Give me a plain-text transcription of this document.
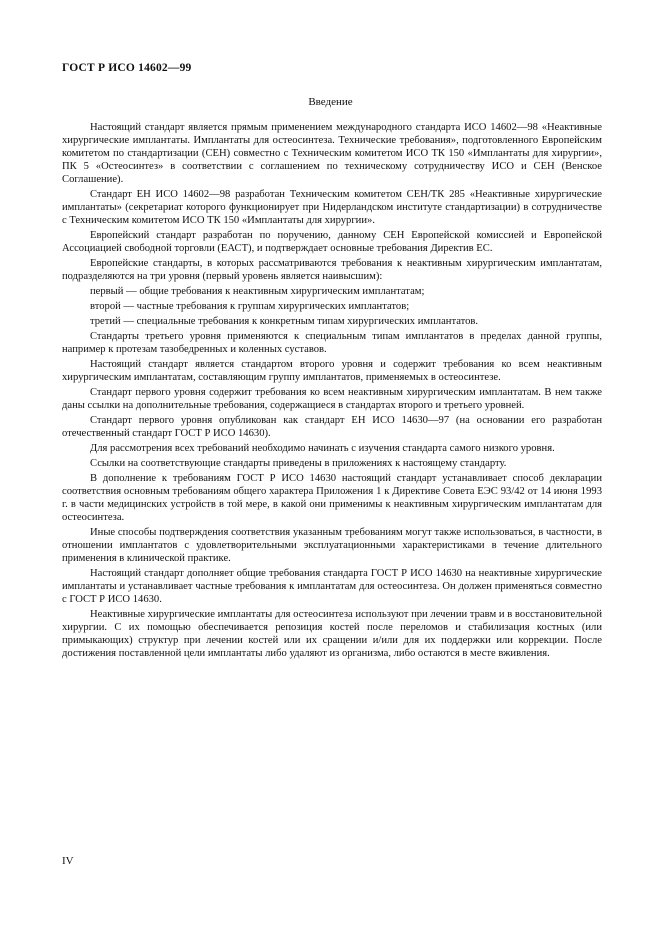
ГОСТ Р ИСО 14602—99
Введение

Настоящий стандарт является прямым применением международного стандарта ИСО 14602—98 «Неактивные хирургические имплантаты. Имплантаты для остеосинтеза. Технические требования», подготовленного Европейским комитетом по стандартизации (СЕН) совместно с Техническим комитетом ИСО ТК 150 «Имплантаты для хирургии», ПК 5 «Остеосинтез» в соответствии с соглашением по техническому сотрудничеству ИСО и СЕН (Венское Соглашение).

Стандарт ЕН ИСО 14602—98 разработан Техническим комитетом СЕН/ТК 285 «Неактивные хирургические имплантаты» (секретариат которого функционирует при Нидерландском институте стандартизации) в сотрудничестве с Техническим комитетом ИСО ТК 150 «Имплантаты для хирургии».

Европейский стандарт разработан по поручению, данному СЕН Европейской комиссией и Европейской Ассоциацией свободной торговли (ЕАСТ), и подтверждает основные требования Директив ЕС.

Европейские стандарты, в которых рассматриваются требования к неактивным хирургическим имплантатам, подразделяются на три уровня (первый уровень является наивысшим):

первый — общие требования к неактивным хирургическим имплантатам;

второй — частные требования к группам хирургических имплантатов;

третий — специальные требования к конкретным типам хирургических имплантатов.

Стандарты третьего уровня применяются к специальным типам имплантатов в пределах данной группы, например к протезам тазобедренных и коленных суставов.

Настоящий стандарт является стандартом второго уровня и содержит требования ко всем неактивным хирургическим имплантатам, составляющим группу имплантатов, применяемых в остеосинтезе.

Стандарт первого уровня содержит требования ко всем неактивным хирургическим имплантатам. В нем также даны ссылки на дополнительные требования, содержащиеся в стандартах второго и третьего уровней.

Стандарт первого уровня опубликован как стандарт ЕН ИСО 14630—97 (на основании его разработан отечественный стандарт ГОСТ Р ИСО 14630).

Для рассмотрения всех требований необходимо начинать с изучения стандарта самого низкого уровня.

Ссылки на соответствующие стандарты приведены в приложениях к настоящему стандарту.

В дополнение к требованиям ГОСТ Р ИСО 14630 настоящий стандарт устанавливает способ декларации соответствия основным требованиям общего характера Приложения 1 к Директиве Совета ЕЭС 93/42 от 14 июня 1993 г. в части медицинских устройств в той мере, в какой они применимы к неактивным хирургическим имплантатам для остеосинтеза.

Иные способы подтверждения соответствия указанным требованиям могут также использоваться, в частности, в отношении имплантатов с удовлетворительными эксплуатационными характеристиками в течение длительного применения в клинической практике.

Настоящий стандарт дополняет общие требования стандарта ГОСТ Р ИСО 14630 на неактивные хирургические имплантаты и устанавливает частные требования к имплантатам для остеосинтеза. Он должен применяться совместно с ГОСТ Р ИСО 14630.

Неактивные хирургические имплантаты для остеосинтеза используют при лечении травм и в восстановительной хирургии. С их помощью обеспечивается репозиция костей после переломов и стабилизация костных (или примыкающих) структур при лечении костей или их сращении и/или для их поддержки или коррекции. После достижения поставленной цели имплантаты либо удаляют из организма, либо остаются в месте вживления.

IV
